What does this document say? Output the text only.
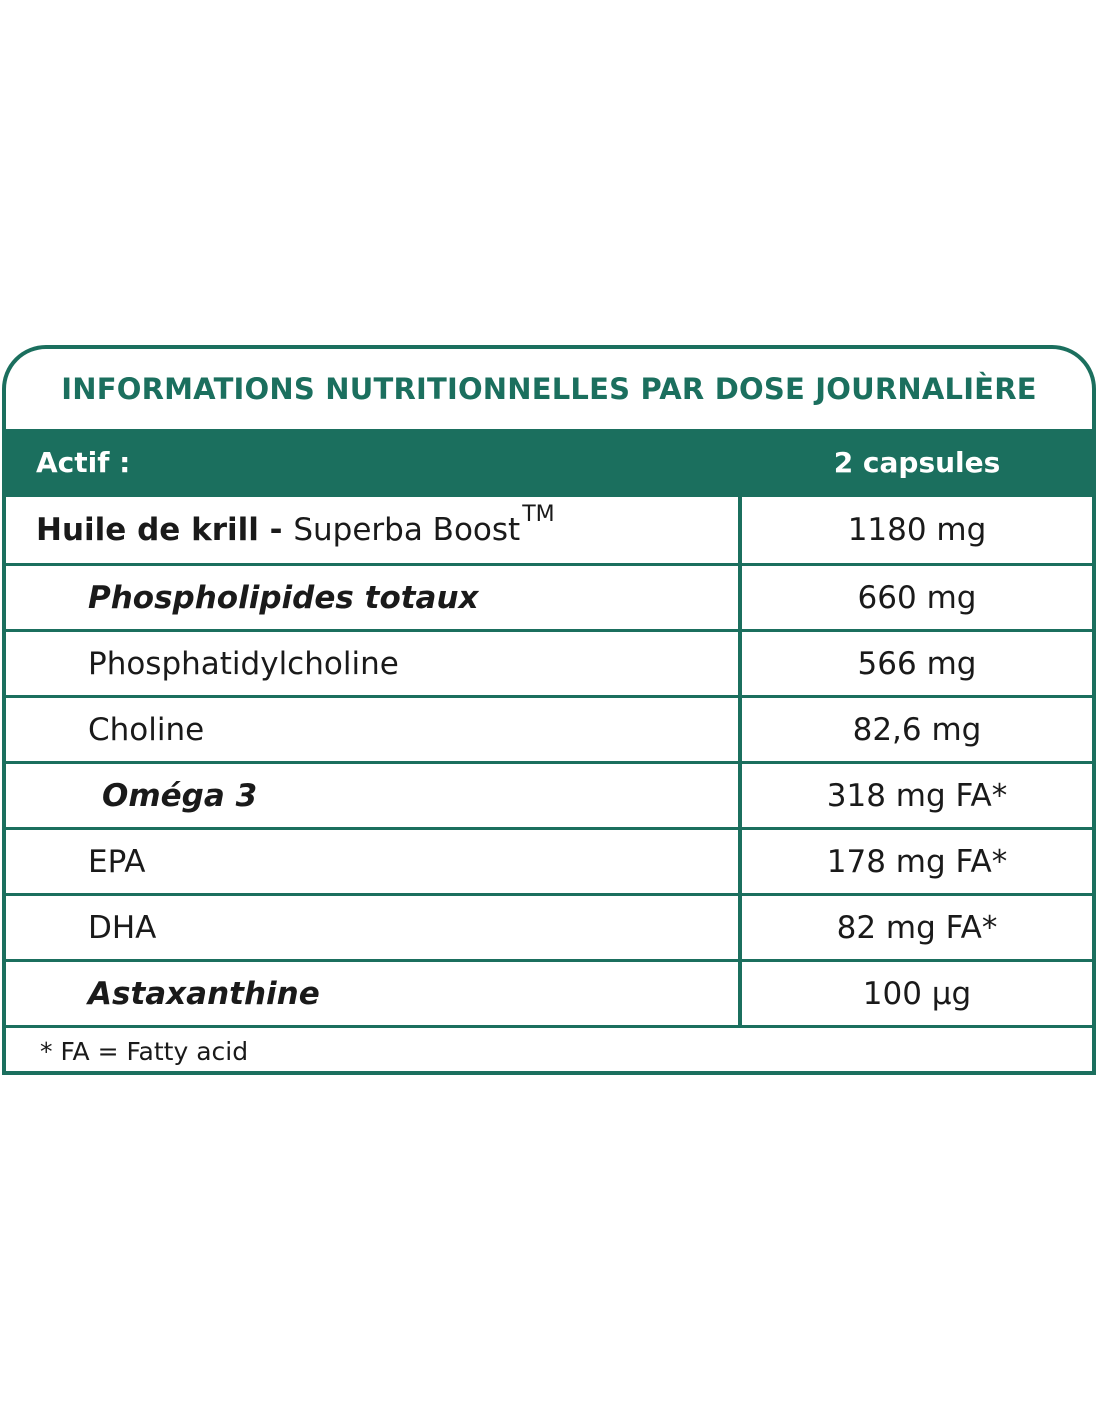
INFORMATIONS NUTRITIONNELLES PAR DOSE JOURNALIÈRE
Actif :	2 capsules
Huile de krill - Superba Boost TM	1180 mg
Phospholipides totaux	660 mg
Phosphatidylcholine	566 mg
Choline	82,6 mg
Oméga 3	318 mg FA*
EPA	178 mg FA*
DHA	82 mg FA*
Astaxanthine	100 µg
* FA = Fatty acid
